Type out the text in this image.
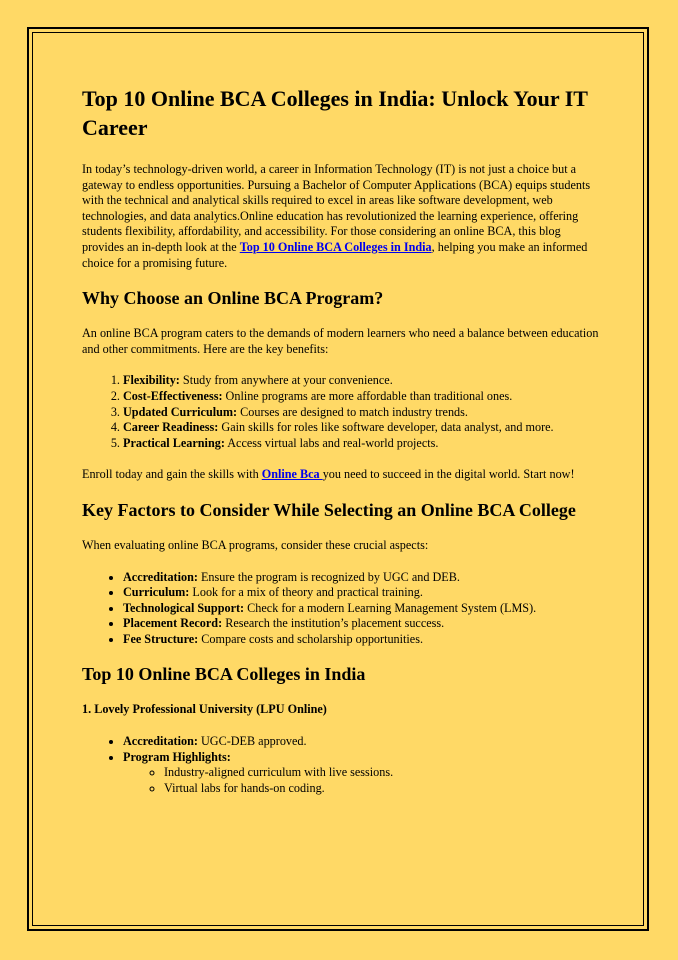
Top 10 Online BCA Colleges in India: Unlock Your IT Career

In today’s technology-driven world, a career in Information Technology (IT) is not just a choice but a gateway to endless opportunities. Pursuing a Bachelor of Computer Applications (BCA) equips students with the technical and analytical skills required to excel in areas like software development, web technologies, and data analytics.Online education has revolutionized the learning experience, offering students flexibility, affordability, and accessibility. For those considering an online BCA, this blog provides an in-depth look at the Top 10 Online BCA Colleges in India, helping you make an informed choice for a promising future.

Why Choose an Online BCA Program?

An online BCA program caters to the demands of modern learners who need a balance between education and other commitments. Here are the key benefits:

1. Flexibility: Study from anywhere at your convenience.
2. Cost-Effectiveness: Online programs are more affordable than traditional ones.
3. Updated Curriculum: Courses are designed to match industry trends.
4. Career Readiness: Gain skills for roles like software developer, data analyst, and more.
5. Practical Learning: Access virtual labs and real-world projects.

Enroll today and gain the skills with Online Bca you need to succeed in the digital world. Start now!

Key Factors to Consider While Selecting an Online BCA College

When evaluating online BCA programs, consider these crucial aspects:

• Accreditation: Ensure the program is recognized by UGC and DEB.
• Curriculum: Look for a mix of theory and practical training.
• Technological Support: Check for a modern Learning Management System (LMS).
• Placement Record: Research the institution’s placement success.
• Fee Structure: Compare costs and scholarship opportunities.
Top 10 Online BCA Colleges in India

1. Lovely Professional University (LPU Online)

• Accreditation: UGC-DEB approved.
• Program Highlights:
◦ Industry-aligned curriculum with live sessions.
◦ Virtual labs for hands-on coding.
